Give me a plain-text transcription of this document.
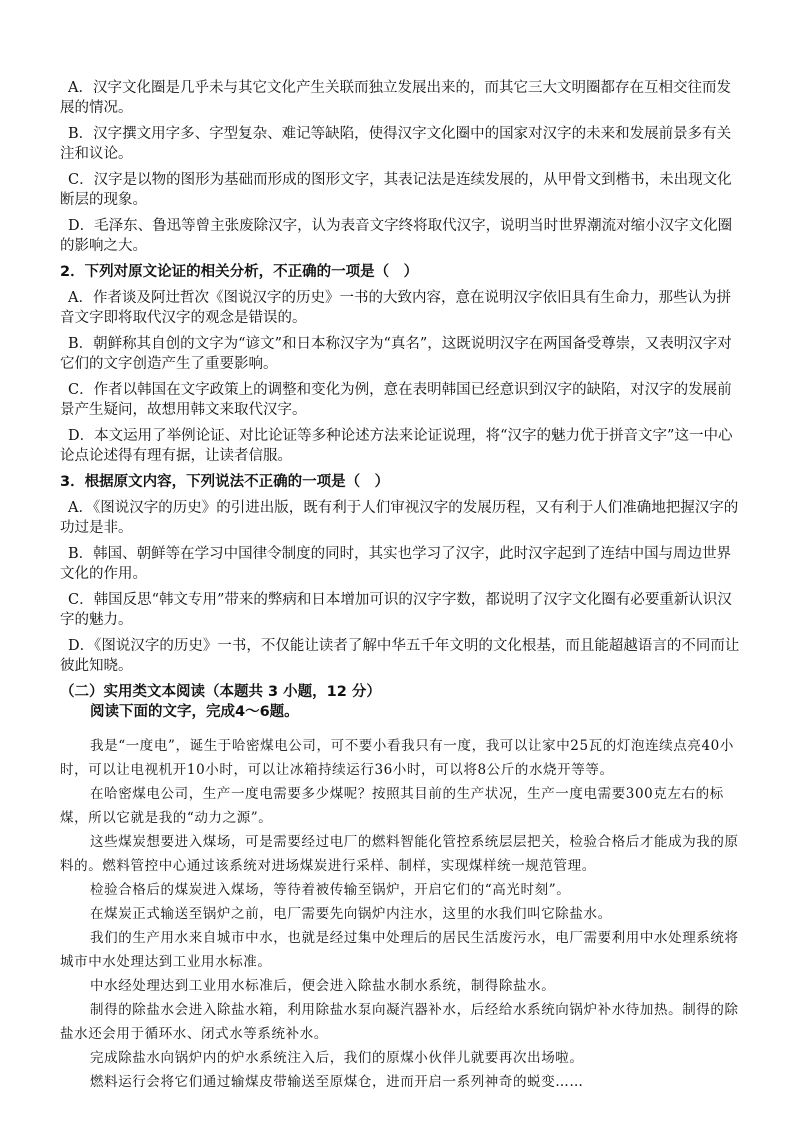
A．汉字文化圈是几乎未与其它文化产生关联而独立发展出来的，而其它三大文明圈都存在互相交往而发展的情况。

B．汉字撰文用字多、字型复杂、难记等缺陷，使得汉字文化圈中的国家对汉字的未来和发展前景多有关注和议论。

C．汉字是以物的图形为基础而形成的图形文字，其表记法是连续发展的，从甲骨文到楷书，未出现文化断层的现象。

D．毛泽东、鲁迅等曾主张废除汉字，认为表音文字终将取代汉字，说明当时世界潮流对缩小汉字文化圈的影响之大。

2．下列对原文论证的相关分析，不正确的一项是（　）

A．作者谈及阿辻哲次《图说汉字的历史》一书的大致内容，意在说明汉字依旧具有生命力，那些认为拼音文字即将取代汉字的观念是错误的。

B．朝鲜称其自创的文字为“谚文”和日本称汉字为“真名”，这既说明汉字在两国备受尊崇，又表明汉字对它们的文字创造产生了重要影响。

C．作者以韩国在文字政策上的调整和变化为例，意在表明韩国已经意识到汉字的缺陷，对汉字的发展前景产生疑问，故想用韩文来取代汉字。

D．本文运用了举例论证、对比论证等多种论述方法来论证说理，将“汉字的魅力优于拼音文字”这一中心论点论述得有理有据，让读者信服。

3．根据原文内容，下列说法不正确的一项是（　）

A．《图说汉字的历史》的引进出版，既有利于人们审视汉字的发展历程，又有利于人们准确地把握汉字的功过是非。

B．韩国、朝鲜等在学习中国律令制度的同时，其实也学习了汉字，此时汉字起到了连结中国与周边世界文化的作用。

C．韩国反思“韩文专用”带来的弊病和日本增加可识的汉字字数，都说明了汉字文化圈有必要重新认识汉字的魅力。

D．《图说汉字的历史》一书，不仅能让读者了解中华五千年文明的文化根基，而且能超越语言的不同而让彼此知晓。

（二）实用类文本阅读（本题共 3 小题，12 分）

阅读下面的文字，完成4～6题。

我是“一度电”，诞生于哈密煤电公司，可不要小看我只有一度，我可以让家中25瓦的灯泡连续点亮40小时，可以让电视机开10小时，可以让冰箱持续运行36小时，可以将8公斤的水烧开等等。

在哈密煤电公司，生产一度电需要多少煤呢？按照其目前的生产状况，生产一度电需要300克左右的标煤，所以它就是我的“动力之源”。

这些煤炭想要进入煤场，可是需要经过电厂的燃料智能化管控系统层层把关，检验合格后才能成为我的原料的。燃料管控中心通过该系统对进场煤炭进行采样、制样，实现煤样统一规范管理。

检验合格后的煤炭进入煤场，等待着被传输至锅炉，开启它们的“高光时刻”。

在煤炭正式输送至锅炉之前，电厂需要先向锅炉内注水，这里的水我们叫它除盐水。

我们的生产用水来自城市中水，也就是经过集中处理后的居民生活废污水，电厂需要利用中水处理系统将城市中水处理达到工业用水标准。

中水经处理达到工业用水标准后，便会进入除盐水制水系统，制得除盐水。

制得的除盐水会进入除盐水箱，利用除盐水泵向凝汽器补水，后经给水系统向锅炉补水待加热。制得的除盐水还会用于循环水、闭式水等系统补水。

完成除盐水向锅炉内的炉水系统注入后，我们的原煤小伙伴儿就要再次出场啦。

燃料运行会将它们通过输煤皮带输送至原煤仓，进而开启一系列神奇的蜕变……
